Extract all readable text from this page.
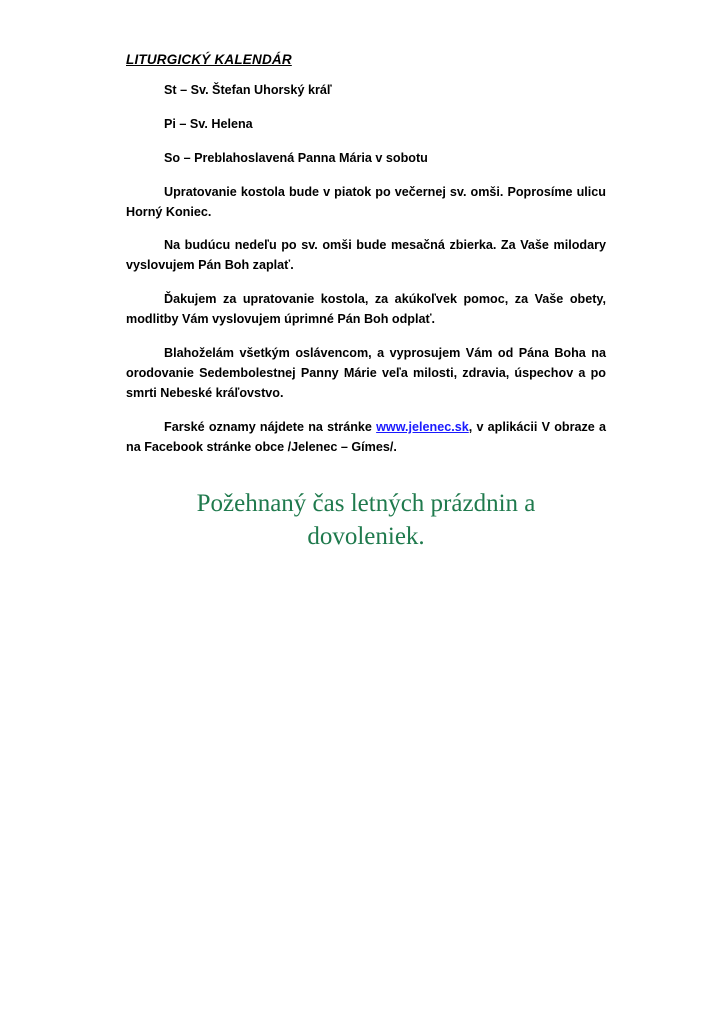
LITURGICKÝ KALENDÁR

St – Sv. Štefan Uhorský kráľ

Pi – Sv. Helena

So – Preblahoslavená Panna Mária v sobotu

Upratovanie kostola bude v piatok po večernej sv. omši. Poprosíme ulicu Horný Koniec.

Na budúcu nedeľu po sv. omši bude mesačná zbierka. Za Vaše milodary vyslovujem Pán Boh zaplať.

Ďakujem za upratovanie kostola, za akúkoľvek pomoc, za Vaše obety, modlitby Vám vyslovujem úprimné Pán Boh odplať.

Blahoželám všetkým oslávencom, a vyprosujem Vám od Pána Boha na orodovanie Sedembolestnej Panny Márie veľa milosti, zdravia, úspechov a po smrti Nebeské kráľovstvo.

Farské oznamy nájdete na stránke www.jelenec.sk, v aplikácii V obraze a na Facebook stránke obce /Jelenec – Gímes/.

Požehnaný čas letných prázdnin a dovoleniek.
